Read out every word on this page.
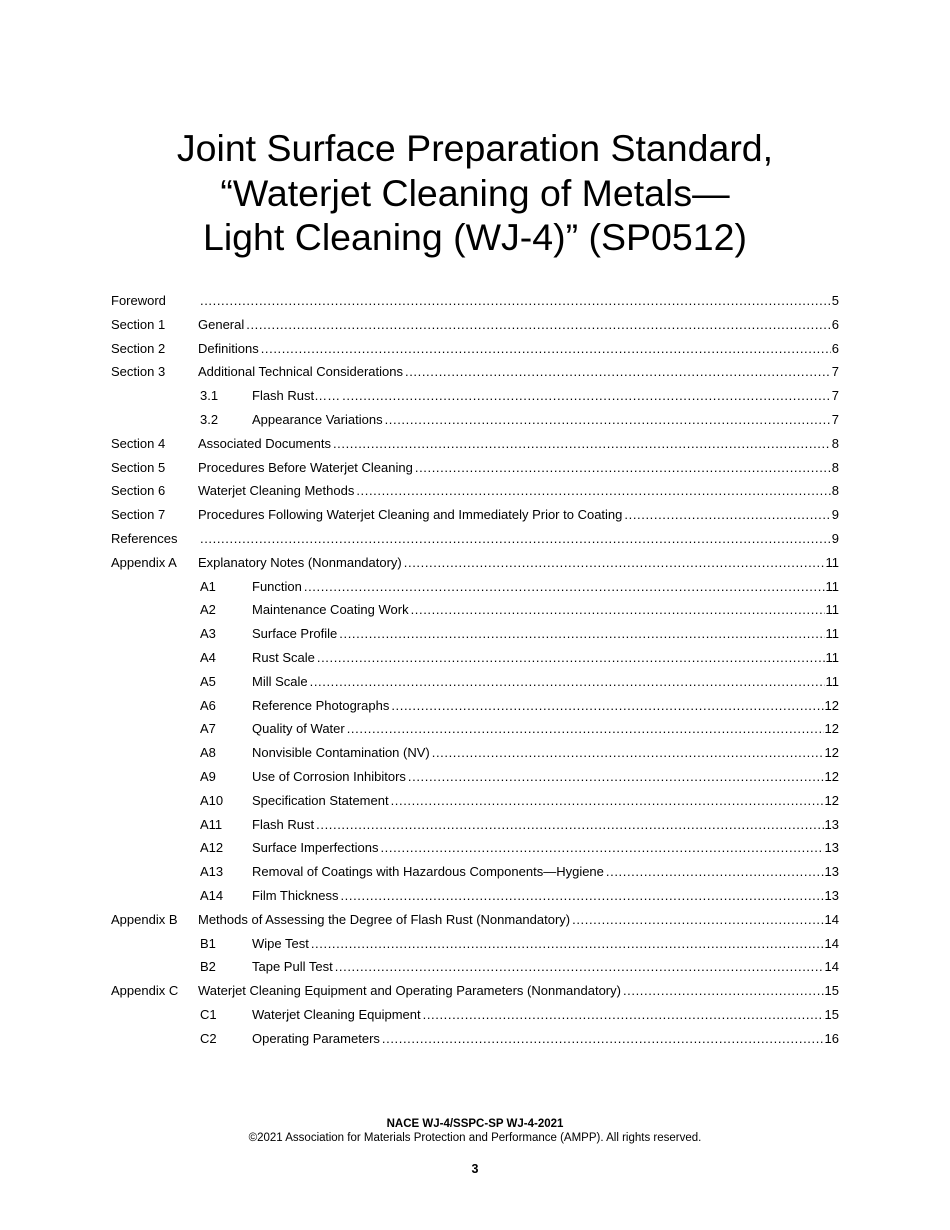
Joint Surface Preparation Standard,
“Waterjet Cleaning of Metals—
Light Cleaning (WJ-4)” (SP0512)
Foreword .....	5
Section 1	General .....	6
Section 2	Definitions .....	6
Section 3	Additional Technical Considerations .....	7
3.1	Flash Rust…… .....	7
3.2	Appearance Variations .....	7
Section 4	Associated Documents .....	8
Section 5	Procedures Before Waterjet Cleaning .....	8
Section 6	Waterjet Cleaning Methods .....	8
Section 7	Procedures Following Waterjet Cleaning and Immediately Prior to Coating .....	9
References .....	9
Appendix A Explanatory Notes (Nonmandatory) .....	11
A1	Function .....	11
A2	Maintenance Coating Work .....	11
A3	Surface Profile .....	11
A4	Rust Scale .....	11
A5	Mill Scale .....	11
A6	Reference Photographs .....	12
A7	Quality of Water .....	12
A8	Nonvisible Contamination (NV) .....	12
A9	Use of Corrosion Inhibitors .....	12
A10 Specification Statement .....	12
A11 Flash Rust .....	13
A12 Surface Imperfections .....	13
A13 Removal of Coatings with Hazardous Components—Hygiene .....	13
A14 Film Thickness .....	13
Appendix B Methods of Assessing the Degree of Flash Rust (Nonmandatory) .....	14
B1	Wipe Test .....	14
B2	Tape Pull Test .....	14
Appendix C Waterjet Cleaning Equipment and Operating Parameters (Nonmandatory) .....	15
C1	Waterjet Cleaning Equipment .....	15
C2	Operating Parameters .....	16
NACE WJ-4/SSPC-SP WJ-4-2021
©2021 Association for Materials Protection and Performance (AMPP). All rights reserved.
3
